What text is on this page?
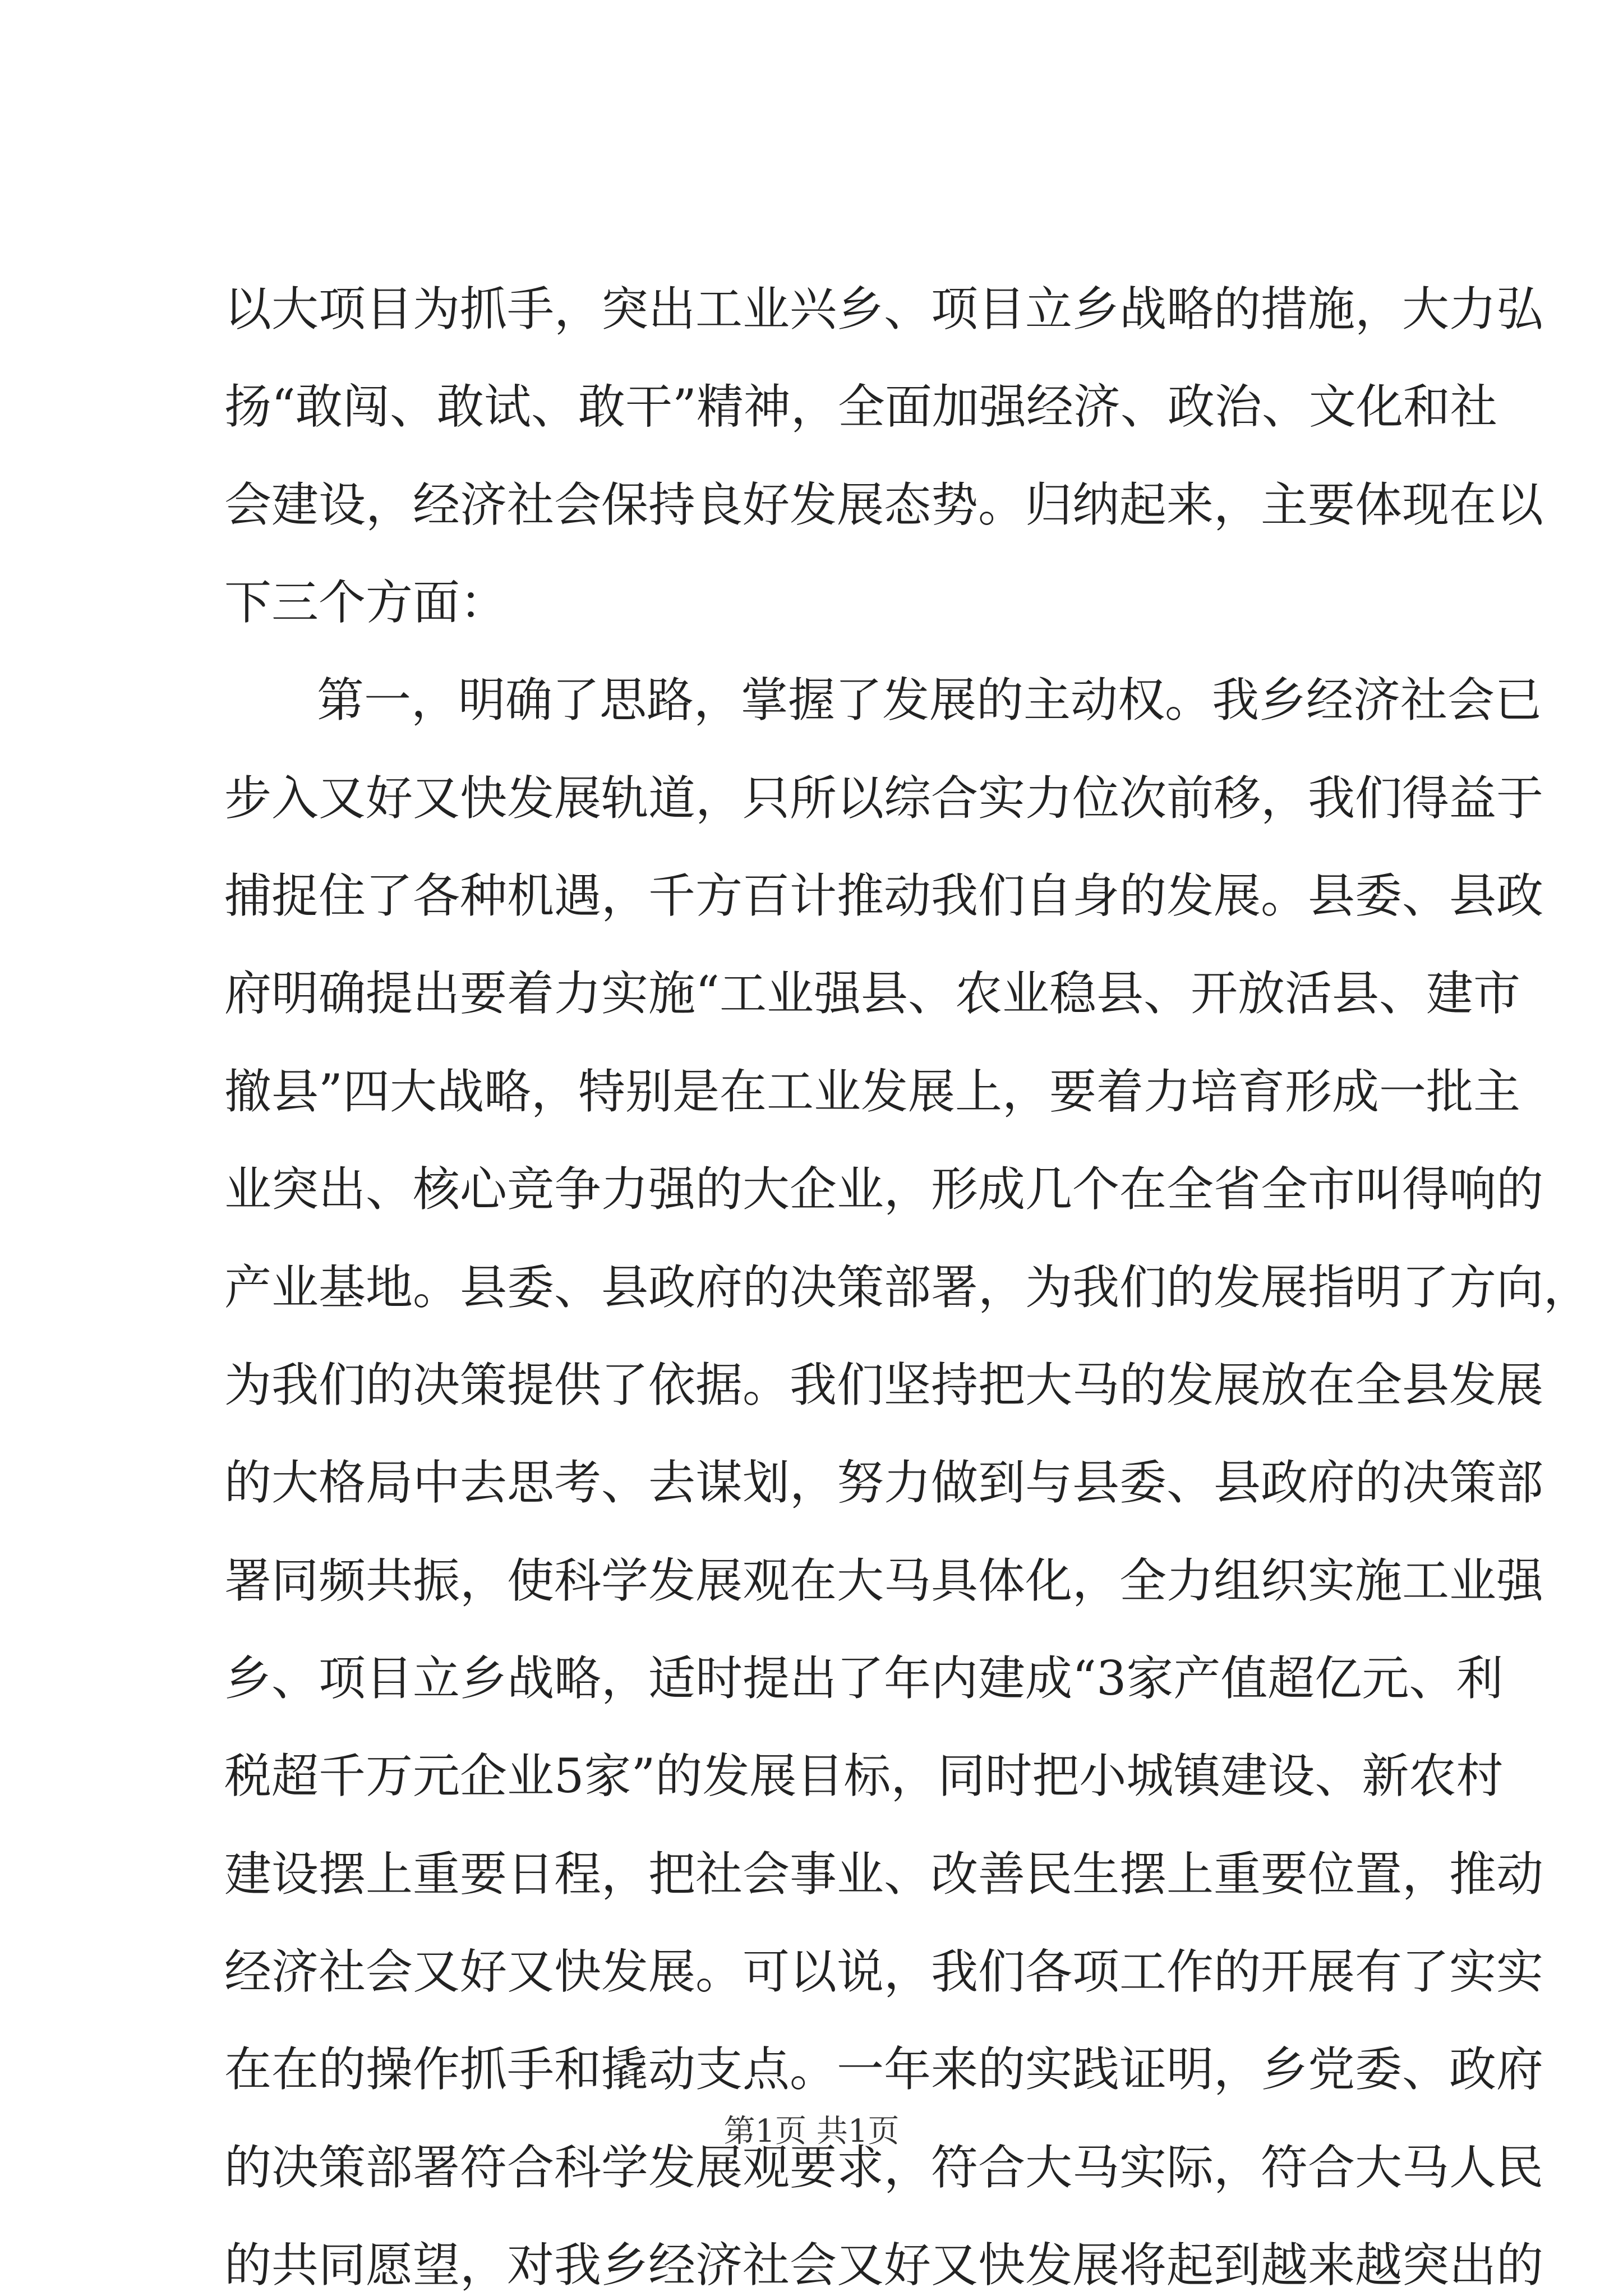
以大项目为抓手，突出工业兴乡、项目立乡战略的措施，大力弘
扬“敢闯、敢试、敢干”精神，全面加强经济、政治、文化和社
会建设，经济社会保持良好发展态势。归纳起来，主要体现在以
下三个方面：
第一，明确了思路，掌握了发展的主动权。我乡经济社会已
步入又好又快发展轨道，只所以综合实力位次前移，我们得益于
捕捉住了各种机遇，千方百计推动我们自身的发展。县委、县政
府明确提出要着力实施“工业强县、农业稳县、开放活县、建市
撤县”四大战略，特别是在工业发展上，要着力培育形成一批主
业突出、核心竞争力强的大企业，形成几个在全省全市叫得响的
产业基地。县委、县政府的决策部署，为我们的发展指明了方向，
为我们的决策提供了依据。我们坚持把大马的发展放在全县发展
的大格局中去思考、去谋划，努力做到与县委、县政府的决策部
署同频共振，使科学发展观在大马具体化，全力组织实施工业强
乡、项目立乡战略，适时提出了年内建成“3家产值超亿元、利
税超千万元企业5家”的发展目标，同时把小城镇建设、新农村
建设摆上重要日程，把社会事业、改善民生摆上重要位置，推动
经济社会又好又快发展。可以说，我们各项工作的开展有了实实
在在的操作抓手和撬动支点。一年来的实践证明，乡党委、政府
的决策部署符合科学发展观要求，符合大马实际，符合大马人民
的共同愿望，对我乡经济社会又好又快发展将起到越来越突出的
第1页 共1页
